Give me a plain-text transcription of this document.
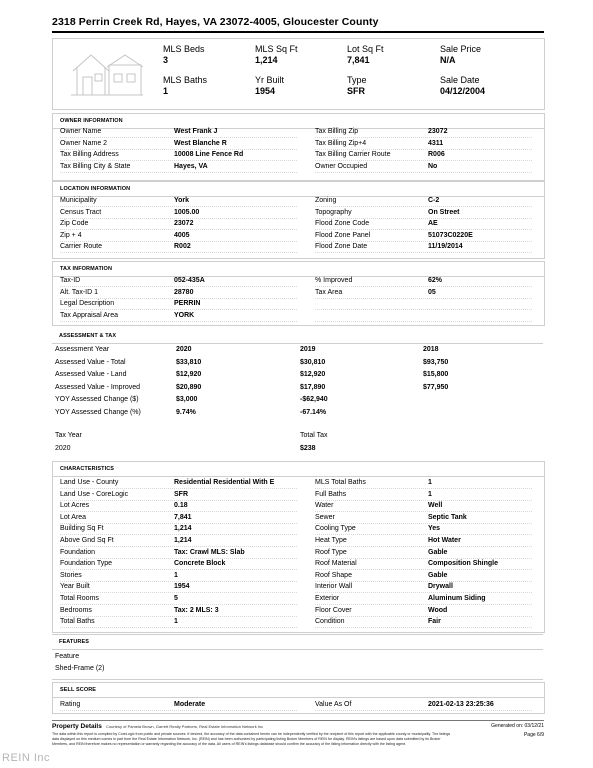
2318 Perrin Creek Rd, Hayes, VA 23072-4005, Gloucester County
MLS Beds
3
MLS Sq Ft
1,214
Lot Sq Ft
7,841
Sale Price
N/A
MLS Baths
1
Yr Built
1954
Type
SFR
Sale Date
04/12/2004
OWNER INFORMATION
Owner Name	West Frank J	Tax Billing Zip	23072
Owner Name 2	West Blanche R	Tax Billing Zip+4	4311
Tax Billing Address	10008 Line Fence Rd	Tax Billing Carrier Route	R006
Tax Billing City & State	Hayes, VA	Owner Occupied	No
LOCATION INFORMATION
Municipality	York	Zoning	C-2
Census Tract	1005.00	Topography	On Street
Zip Code	23072	Flood Zone Code	AE
Zip + 4	4005	Flood Zone Panel	51073C0220E
Carrier Route	R002	Flood Zone Date	11/19/2014
TAX INFORMATION
Tax-ID	052-435A	% Improved	62%
Alt. Tax-ID 1	28780	Tax Area	05
Legal Description	PERRIN
Tax Appraisal Area	YORK
ASSESSMENT & TAX
Assessment Year	2020	2019	2018
Assessed Value - Total	$33,810	$30,810	$93,750
Assessed Value - Land	$12,920	$12,920	$15,800
Assessed Value - Improved	$20,890	$17,890	$77,950
YOY Assessed Change ($)	$3,000	-$62,940
YOY Assessed Change (%)	9.74%	-67.14%
Tax Year	Total Tax
2020	$238
CHARACTERISTICS
Land Use - County	Residential Residential With E	MLS Total Baths	1
Land Use - CoreLogic	SFR	Full Baths	1
Lot Acres	0.18	Water	Well
Lot Area	7,841	Sewer	Septic Tank
Building Sq Ft	1,214	Cooling Type	Yes
Above Gnd Sq Ft	1,214	Heat Type	Hot Water
Foundation	Tax: Crawl MLS: Slab	Roof Type	Gable
Foundation Type	Concrete Block	Roof Material	Composition Shingle
Stories	1	Roof Shape	Gable
Year Built	1954	Interior Wall	Drywall
Total Rooms	5	Exterior	Aluminum Siding
Bedrooms	Tax: 2 MLS: 3	Floor Cover	Wood
Total Baths	1	Condition	Fair
FEATURES
Feature
Shed-Frame (2)
SELL SCORE
Rating	Moderate	Value As Of	2021-02-13 23:25:36
Property Details Courtesy of Pamela Brown, Garrett Realty Partners, Real Estate Information Network Inc	Generated on: 03/12/21
Page 6/9
The data within this report is compiled by CoreLogic from public and private sources. If desired, the accuracy of the data contained herein can be independently verified by the recipient of this report with the applicable county or municipality. The listings data displayed on this medium comes in part from the Real Estate Information Network, Inc. (REIN) and has been authorized by participating listing Broker Members of REIN for display. REIN's listings are based upon data submitted by its Broker Members, and REIN therefore makes no representation or warranty regarding the accuracy of the data. All users of REIN's listings database should confirm the accuracy of the listing information directly with the listing agent.
REIN Inc
